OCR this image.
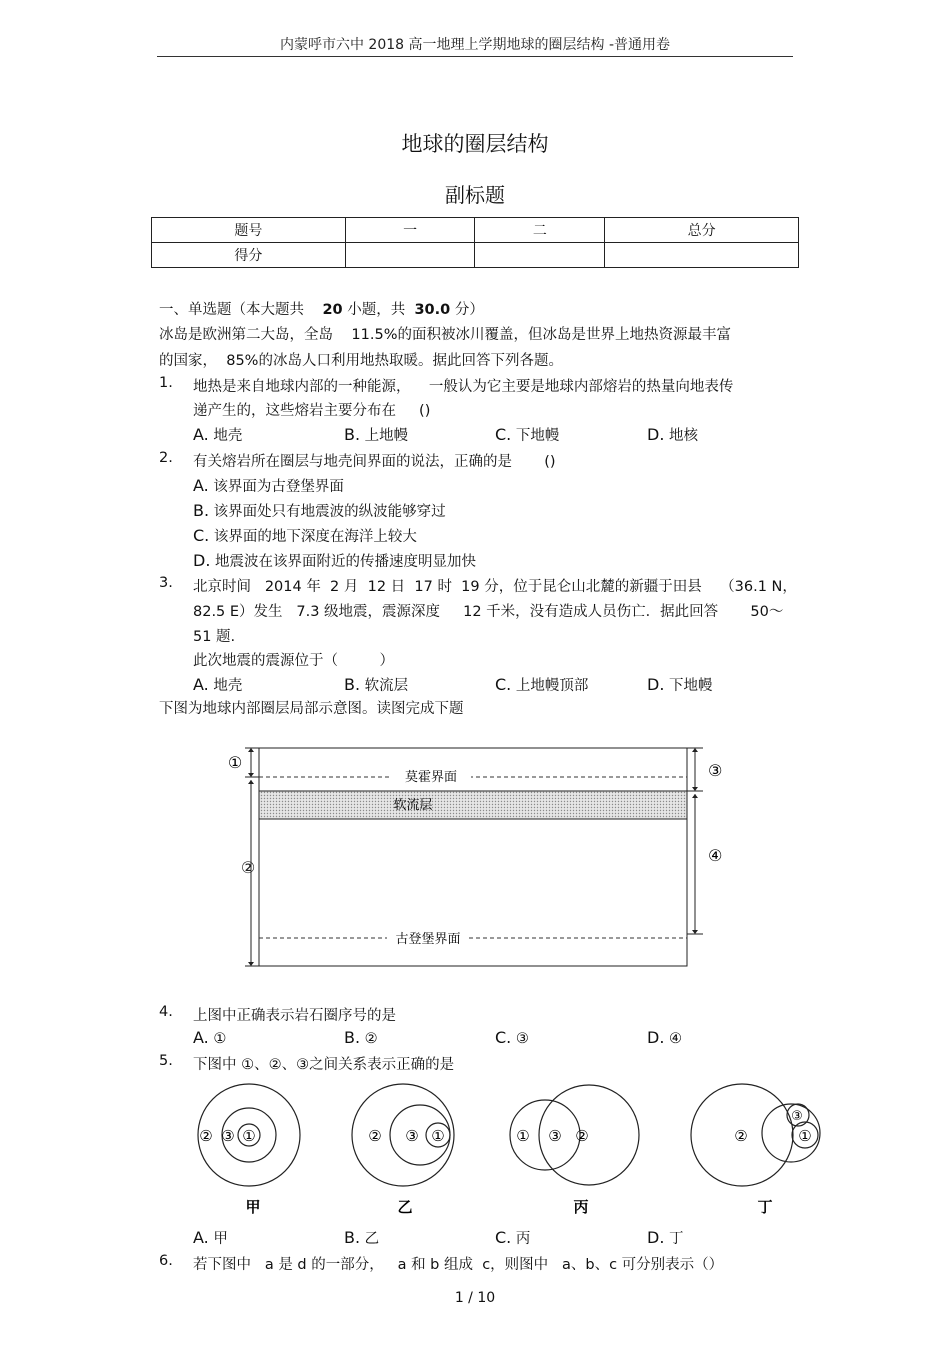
内蒙呼市六中 2018 高一地理上学期地球的圈层结构 -普通用卷
地球的圈层结构
副标题
题号	一	二	总分
得分			
一、单选题（本大题共 20 小题，共 30.0 分）
冰岛是欧洲第二大岛，全岛    11.5%的面积被冰川覆盖，但冰岛是世界上地热资源最丰富
的国家，  85%的冰岛人口利用地热取暖。据此回答下列各题。
1. 地热是来自地球内部的一种能源，    一般认为它主要是地球内部熔岩的热量向地表传
递产生的，这些熔岩主要分布在     ()
A. 地壳	B. 上地幔	C. 下地幔	D. 地核
2. 有关熔岩所在圈层与地壳间界面的说法，正确的是       ()
A. 该界面为古登堡界面
B. 该界面处只有地震波的纵波能够穿过
C. 该界面的地下深度在海洋上较大
D. 地震波在该界面附近的传播速度明显加快
3. 北京时间   2014 年  2 月  12 日  17 时  19 分，位于昆仑山北麓的新疆于田县    （36.1 N，
82.5 E）发生   7.3 级地震，震源深度     12 千米，没有造成人员伤亡．据此回答       50～
51 题.
此次地震的震源位于（         ）
A. 地壳	B. 软流层	C. 上地幔顶部	D. 下地幔
下图为地球内部圈层局部示意图。读图完成下题
莫霍界面
软流层
古登堡界面
①
②
③
④
4. 上图中正确表示岩石圈序号的是
A. ①	B. ②	C. ③	D. ④
5. 下图中 ①、②、③之间关系表示正确的是
② ③ ①
甲
② ③ ①
乙
① ③ ②
丙
②
③
①
丁
A. 甲	B. 乙	C. 丙	D. 丁
6. 若下图中   a 是 d 的一部分，   a 和 b 组成  c，则图中   a、b、c 可分别表示（）
1 / 10
